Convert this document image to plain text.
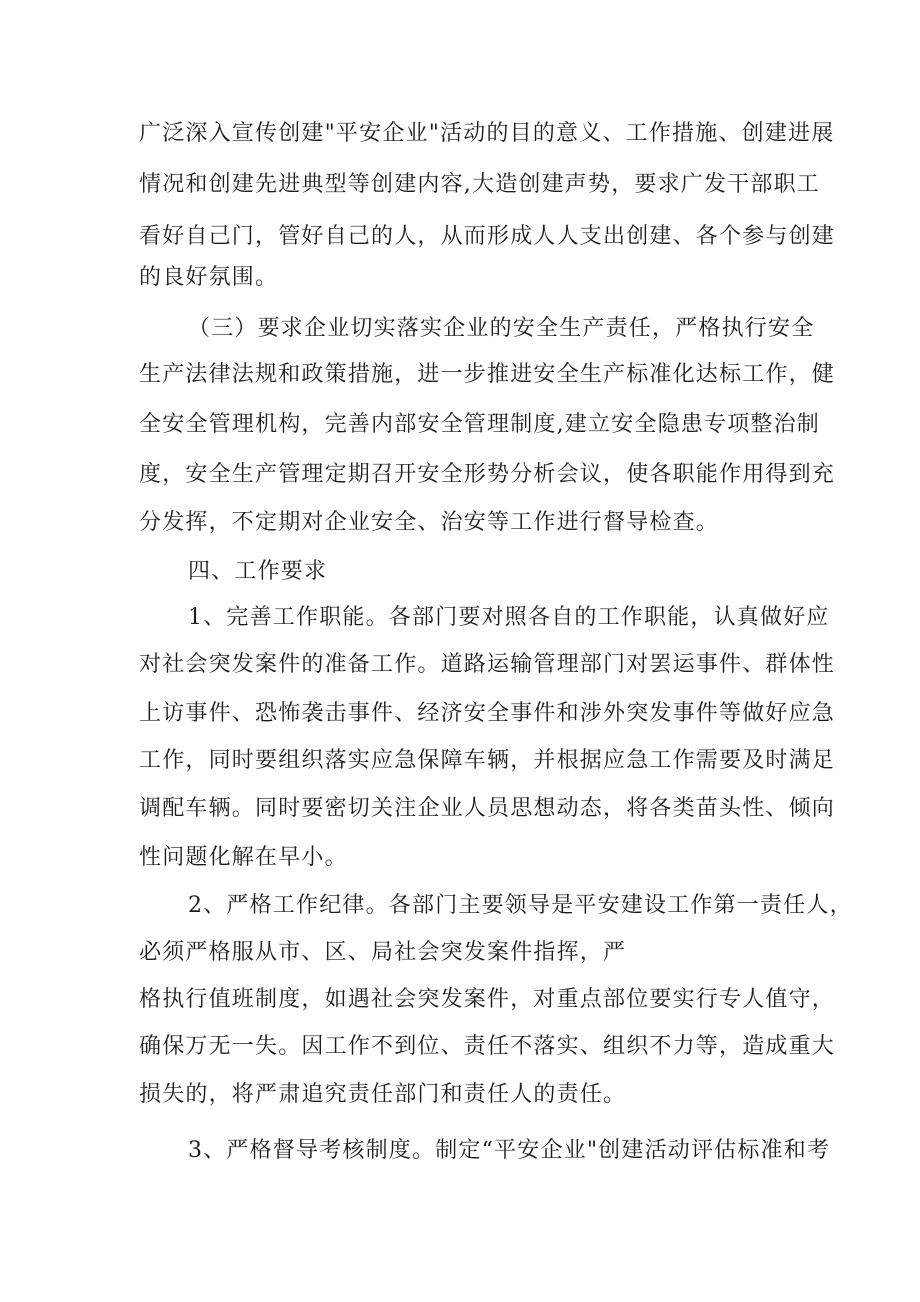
广泛深入宣传创建"平安企业"活动的目的意义、工作措施、创建进展
情况和创建先进典型等创建内容,大造创建声势，要求广发干部职工
看好自己门，管好自己的人，从而形成人人支出创建、各个参与创建
的良好氛围。
（三）要求企业切实落实企业的安全生产责任，严格执行安全
生产法律法规和政策措施，进一步推进安全生产标准化达标工作，健
全安全管理机构，完善内部安全管理制度,建立安全隐患专项整治制
度，安全生产管理定期召开安全形势分析会议，使各职能作用得到充
分发挥，不定期对企业安全、治安等工作进行督导检查。
四、工作要求
1、完善工作职能。各部门要对照各自的工作职能，认真做好应
对社会突发案件的准备工作。道路运输管理部门对罢运事件、群体性
上访事件、恐怖袭击事件、经济安全事件和涉外突发事件等做好应急
工作，同时要组织落实应急保障车辆，并根据应急工作需要及时满足
调配车辆。同时要密切关注企业人员思想动态，将各类苗头性、倾向
性问题化解在早小。
2、严格工作纪律。各部门主要领导是平安建设工作第一责任人，
必须严格服从市、区、局社会突发案件指挥，严
格执行值班制度，如遇社会突发案件，对重点部位要实行专人值守，
确保万无一失。因工作不到位、责任不落实、组织不力等，造成重大
损失的，将严肃追究责任部门和责任人的责任。
3、严格督导考核制度。制定“平安企业"创建活动评估标准和考
